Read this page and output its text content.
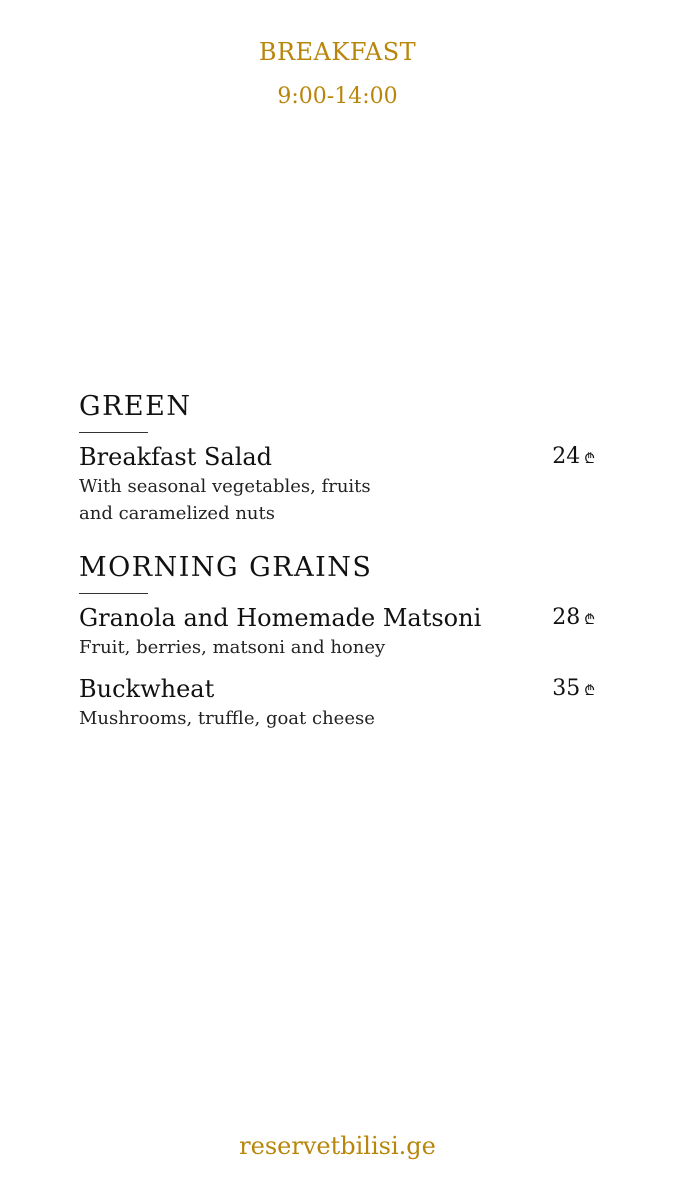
BREAKFAST
9:00-14:00
GREEN
Breakfast Salad	24 ₾
With seasonal vegetables, fruits
and caramelized nuts
MORNING GRAINS
Granola and Homemade Matsoni	28 ₾
Fruit, berries, matsoni and honey
Buckwheat	35 ₾
Mushrooms, truffle, goat cheese
reservetbilisi.ge
